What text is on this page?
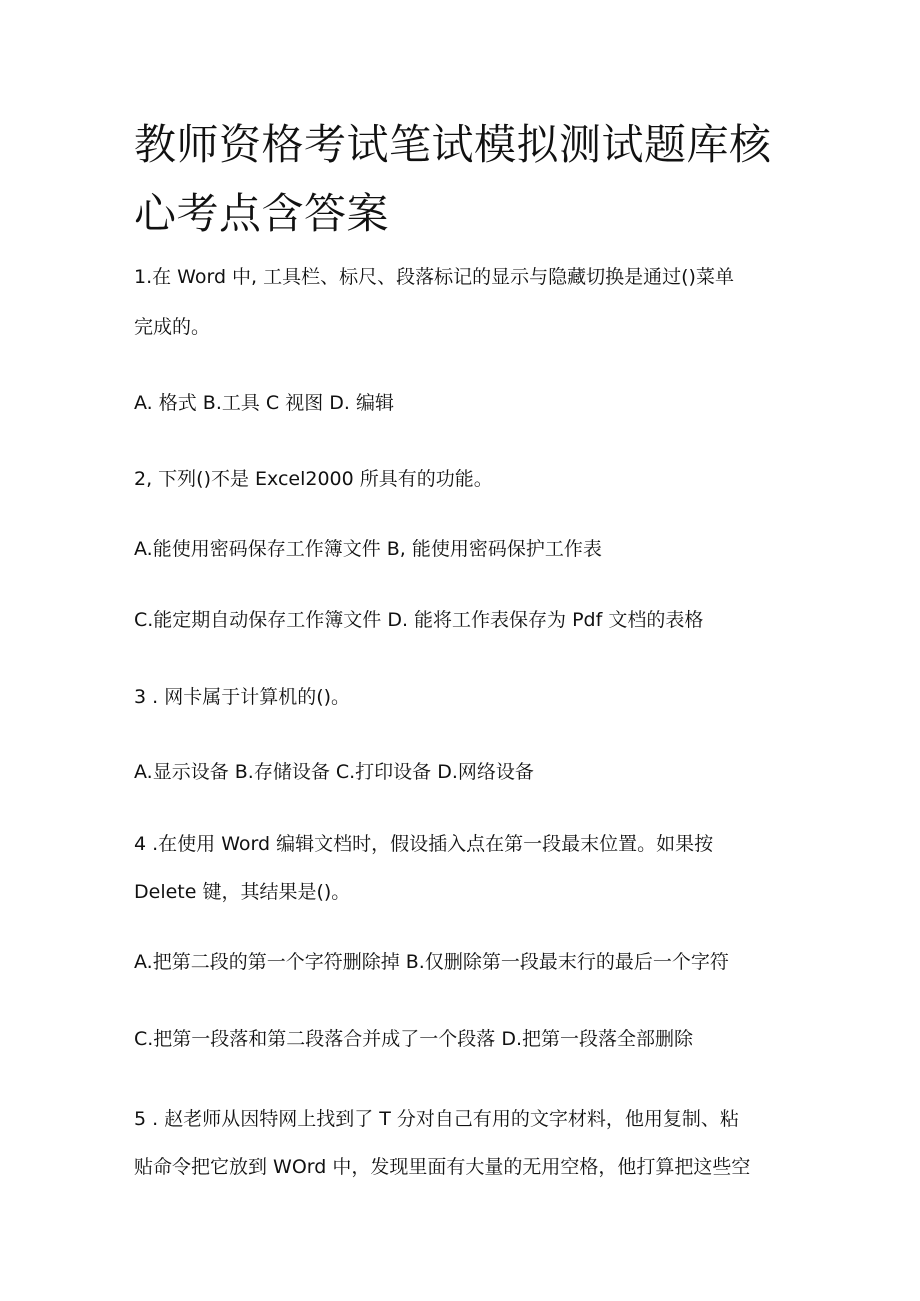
教师资格考试笔试模拟测试题库核
心考点含答案

1.在 Word 中, 工具栏、标尺、段落标记的显示与隐藏切换是通过()菜单

完成的。

A. 格式 B.工具 C 视图 D. 编辑

2, 下列()不是 Excel2000 所具有的功能。

A.能使用密码保存工作簿文件 B, 能使用密码保护工作表

C.能定期自动保存工作簿文件 D. 能将工作表保存为 Pdf 文档的表格

3 . 网卡属于计算机的()。

A.显示设备 B.存储设备 C.打印设备 D.网络设备

4 .在使用 Word 编辑文档时，假设插入点在第一段最末位置。如果按

Delete 键，其结果是()。

A.把第二段的第一个字符删除掉 B.仅删除第一段最末行的最后一个字符

C.把第一段落和第二段落合并成了一个段落 D.把第一段落全部删除

5 . 赵老师从因特网上找到了 T 分对自己有用的文字材料，他用复制、粘

贴命令把它放到 WOrd 中，发现里面有大量的无用空格，他打算把这些空
